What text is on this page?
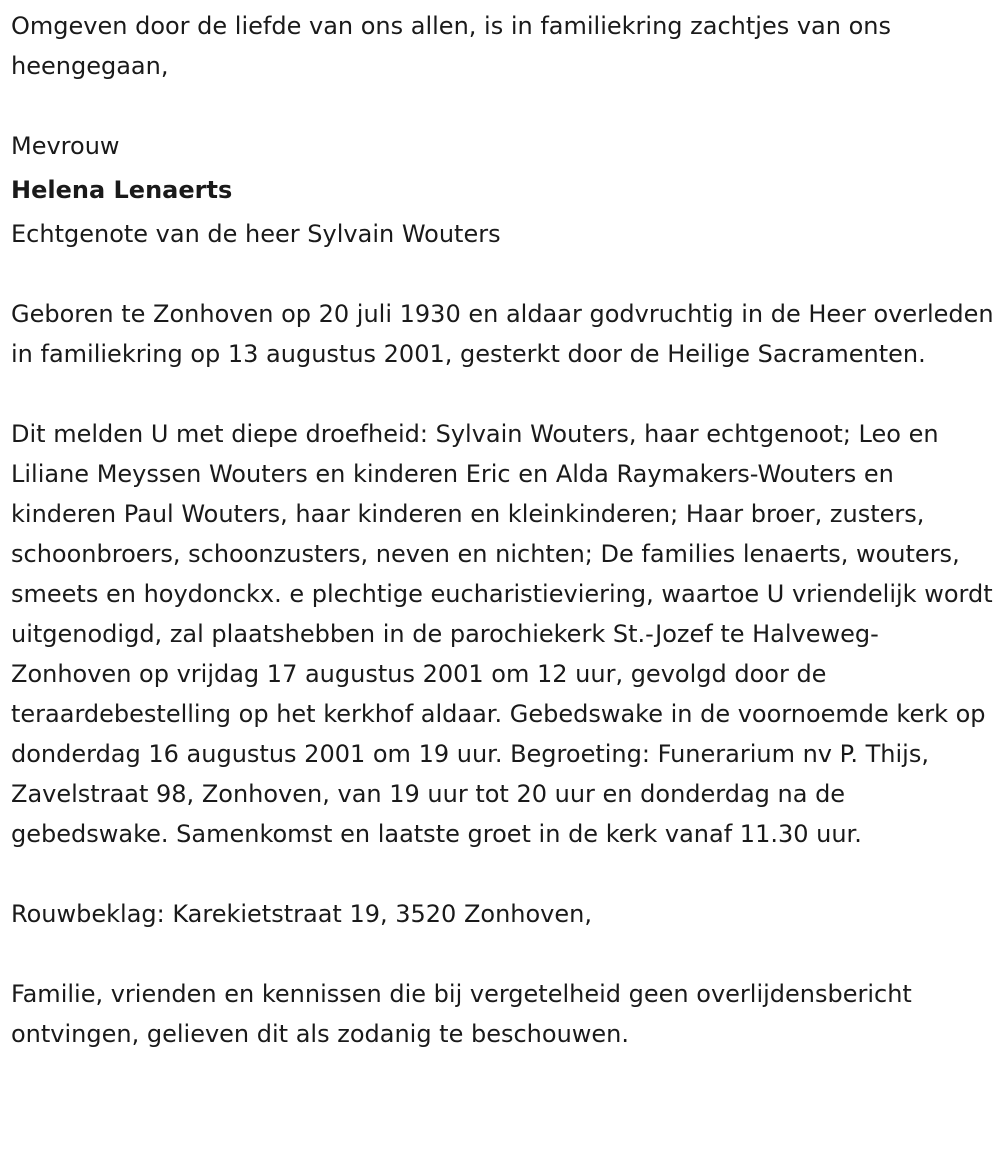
Omgeven door de liefde van ons allen, is in familiekring zachtjes van ons heengegaan,

Mevrouw

Helena Lenaerts

Echtgenote van de heer Sylvain Wouters

Geboren te Zonhoven op 20 juli 1930 en aldaar godvruchtig in de Heer overleden in familiekring op 13 augustus 2001, gesterkt door de Heilige Sacramenten.

Dit melden U met diepe droefheid: Sylvain Wouters, haar echtgenoot; Leo en Liliane Meyssen Wouters en kinderen Eric en Alda Raymakers-Wouters en kinderen Paul Wouters, haar kinderen en kleinkinderen; Haar broer, zusters, schoonbroers, schoonzusters, neven en nichten; De families lenaerts, wouters, smeets en hoydonckx. e plechtige eucharistieviering, waartoe U vriendelijk wordt uitgenodigd, zal plaatshebben in de parochiekerk St.-Jozef te Halveweg-Zonhoven op vrijdag 17 augustus 2001 om 12 uur, gevolgd door de teraardebestelling op het kerkhof aldaar. Gebedswake in de voornoemde kerk op donderdag 16 augustus 2001 om 19 uur. Begroeting: Funerarium nv P. Thijs, Zavelstraat 98, Zonhoven, van 19 uur tot 20 uur en donderdag na de gebedswake. Samenkomst en laatste groet in de kerk vanaf 11.30 uur.

Rouwbeklag: Karekietstraat 19, 3520 Zonhoven,

Familie, vrienden en kennissen die bij vergetelheid geen overlijdensbericht ontvingen, gelieven dit als zodanig te beschouwen.
